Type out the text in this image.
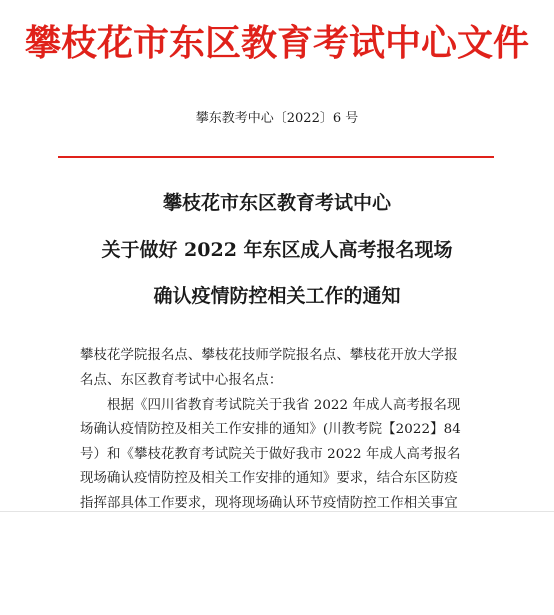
攀枝花市东区教育考试中心文件
攀东教考中心〔2022〕6 号
攀枝花市东区教育考试中心
关于做好 2022 年东区成人高考报名现场
确认疫情防控相关工作的通知
攀枝花学院报名点、攀枝花技师学院报名点、攀枝花开放大学报
名点、东区教育考试中心报名点：
　　根据《四川省教育考试院关于我省 2022 年成人高考报名现
场确认疫情防控及相关工作安排的通知》(川教考院【2022】84
号）和《攀枝花教育考试院关于做好我市 2022 年成人高考报名
现场确认疫情防控及相关工作安排的通知》要求，结合东区防疫
指挥部具体工作要求，现将现场确认环节疫情防控工作相关事宜
